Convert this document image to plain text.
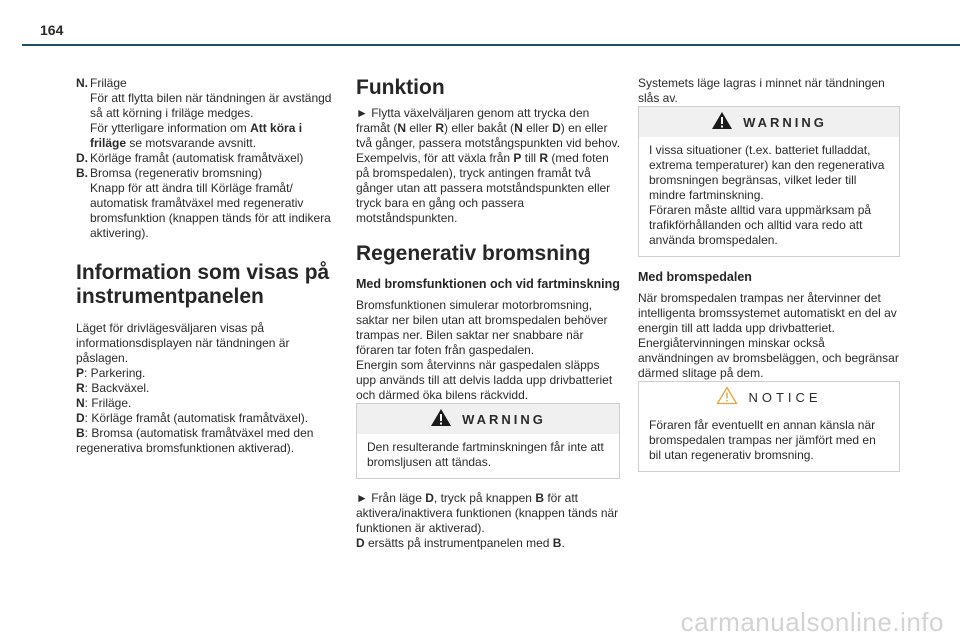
164
N. Friläge
För att flytta bilen när tändningen är avstängd så att körning i friläge medges.
För ytterligare information om Att köra i friläge se motsvarande avsnitt.
D. Körläge framåt (automatisk framåtväxel)
B. Bromsa (regenerativ bromsning)
Knapp för att ändra till Körläge framåt/ automatisk framåtväxel med regenerativ bromsfunktion (knappen tänds för att indikera aktivering).
Information som visas på instrumentpanelen

Läget för drivlägesväljaren visas på informationsdisplayen när tändningen är påslagen.

P: Parkering.
R: Backväxel.
N: Friläge.
D: Körläge framåt (automatisk framåtväxel).
B: Bromsa (automatisk framåtväxel med den regenerativa bromsfunktionen aktiverad).
Funktion

► Flytta växelväljaren genom att trycka den framåt (N eller R) eller bakåt (N eller D) en eller två gånger, passera motstångspunkten vid behov.

Exempelvis, för att växla från P till R (med foten på bromspedalen), tryck antingen framåt två gånger utan att passera motståndspunkten eller tryck bara en gång och passera motståndspunkten.

Regenerativ bromsning
Med bromsfunktionen och vid fartminskning

Bromsfunktionen simulerar motorbromsning, saktar ner bilen utan att bromspedalen behöver trampas ner. Bilen saktar ner snabbare när föraren tar foten från gaspedalen.

Energin som återvinns när gaspedalen släpps upp används till att delvis ladda upp drivbatteriet och därmed öka bilens räckvidd.

WARNING
Den resulterande fartminskningen får inte att bromsljusen att tändas.

► Från läge D, tryck på knappen B för att aktivera/inaktivera funktionen (knappen tänds när funktionen är aktiverad).

D ersätts på instrumentpanelen med B.

Systemets läge lagras i minnet när tändningen slås av.

WARNING
I vissa situationer (t.ex. batteriet fulladdat, extrema temperaturer) kan den regenerativa bromsningen begränsas, vilket leder till mindre fartminskning.
Föraren måste alltid vara uppmärksam på trafikförhållanden och alltid vara redo att använda bromspedalen.
Med bromspedalen

När bromspedalen trampas ner återvinner det intelligenta bromssystemet automatiskt en del av energin till att ladda upp drivbatteriet.

Energiåtervinningen minskar också användningen av bromsbeläggen, och begränsar därmed slitage på dem.

NOTICE
Föraren får eventuellt en annan känsla när bromspedalen trampas ner jämfört med en bil utan regenerativ bromsning.
carmanualsonline.info
